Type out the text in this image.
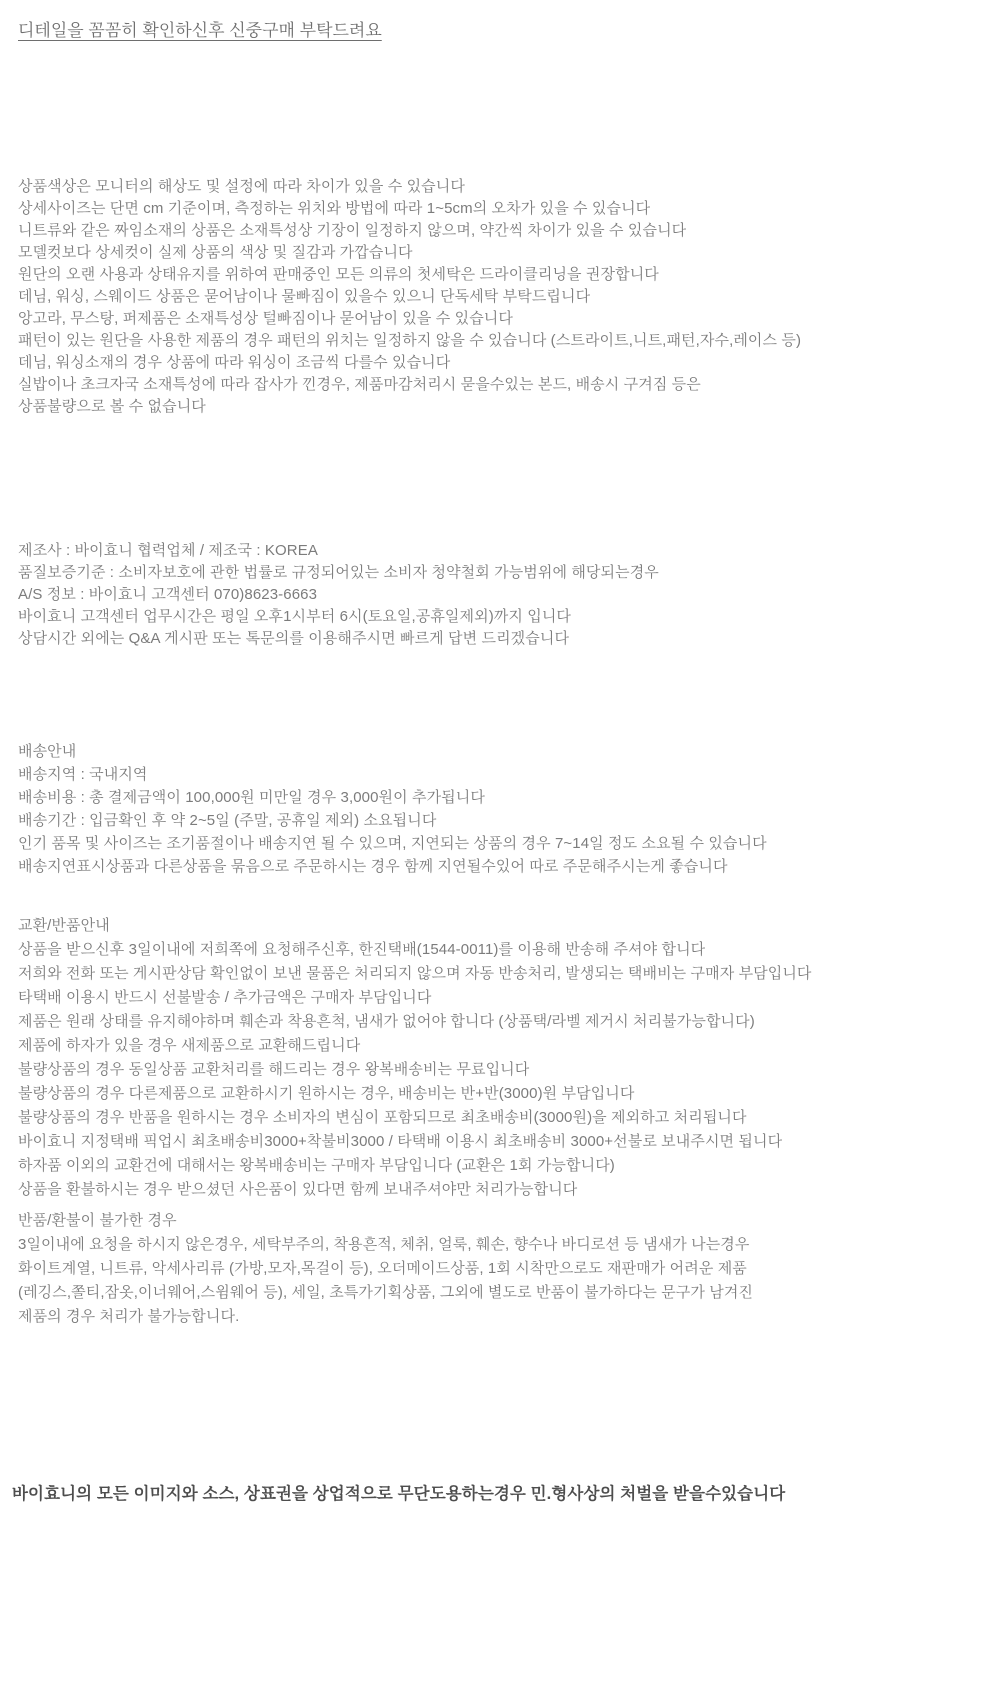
디테일을 꼼꼼히 확인하신후 신중구매 부탁드려요
상품색상은 모니터의 해상도 및 설정에 따라 차이가 있을 수 있습니다
상세사이즈는 단면 cm 기준이며, 측정하는 위치와 방법에 따라 1~5cm의 오차가 있을 수 있습니다
니트류와 같은 짜임소재의 상품은 소재특성상 기장이 일정하지 않으며, 약간씩 차이가 있을 수 있습니다
모델컷보다 상세컷이 실제 상품의 색상 및 질감과 가깝습니다
원단의 오랜 사용과 상태유지를 위하여 판매중인 모든 의류의 첫세탁은 드라이클리닝을 권장합니다
데님, 워싱, 스웨이드 상품은 묻어남이나 물빠짐이 있을수 있으니 단독세탁 부탁드립니다
앙고라, 무스탕, 퍼제품은 소재특성상 털빠짐이나 묻어남이 있을 수 있습니다
패턴이 있는 원단을 사용한 제품의 경우 패턴의 위치는 일정하지 않을 수 있습니다 (스트라이트,니트,패턴,자수,레이스 등)
데님, 워싱소재의 경우 상품에 따라 워싱이 조금씩 다를수 있습니다
실밥이나 초크자국 소재특성에 따라 잡사가 낀경우, 제품마감처리시 묻을수있는 본드, 배송시 구겨짐 등은
상품불량으로 볼 수 없습니다
제조사 : 바이효니 협력업체 / 제조국 : KOREA
품질보증기준 : 소비자보호에 관한 법률로 규정되어있는 소비자 청약철회 가능범위에 해당되는경우
A/S 정보 : 바이효니 고객센터 070)8623-6663
바이효니 고객센터 업무시간은 평일 오후1시부터 6시(토요일,공휴일제외)까지 입니다
상담시간 외에는 Q&A 게시판 또는 톡문의를 이용해주시면 빠르게 답변 드리겠습니다
배송안내
배송지역 : 국내지역
배송비용 : 총 결제금액이 100,000원 미만일 경우 3,000원이 추가됩니다
배송기간 : 입금확인 후 약 2~5일 (주말, 공휴일 제외) 소요됩니다
인기 품목 및 사이즈는 조기품절이나 배송지연 될 수 있으며, 지연되는 상품의 경우 7~14일 정도 소요될 수 있습니다
배송지연표시상품과 다른상품을 묶음으로 주문하시는 경우 함께 지연될수있어 따로 주문해주시는게 좋습니다
교환/반품안내
상품을 받으신후 3일이내에 저희쪽에 요청해주신후, 한진택배(1544-0011)를 이용해 반송해 주셔야 합니다
저희와 전화 또는 게시판상담 확인없이 보낸 물품은 처리되지 않으며 자동 반송처리, 발생되는 택배비는 구매자 부담입니다
타택배 이용시 반드시 선불발송 / 추가금액은 구매자 부담입니다
제품은 원래 상태를 유지해야하며 훼손과 착용흔척, 냄새가 없어야 합니다 (상품택/라벨 제거시 처리불가능합니다)
제품에 하자가 있을 경우 새제품으로 교환해드립니다
불량상품의 경우 동일상품 교환처리를 해드리는 경우 왕복배송비는 무료입니다
불량상품의 경우 다른제품으로 교환하시기 원하시는 경우, 배송비는 반+반(3000)원 부담입니다
불량상품의 경우 반품을 원하시는 경우 소비자의 변심이 포함되므로 최초배송비(3000원)을 제외하고 처리됩니다
바이효니 지정택배 픽업시 최초배송비3000+착불비3000 / 타택배 이용시 최초배송비 3000+선불로 보내주시면 됩니다
하자품 이외의 교환건에 대해서는 왕복배송비는 구매자 부담입니다 (교환은 1회 가능합니다)
상품을 환불하시는 경우 받으셨던 사은품이 있다면 함께 보내주셔야만 처리가능합니다
반품/환불이 불가한 경우
3일이내에 요청을 하시지 않은경우, 세탁부주의, 착용흔적, 체취, 얼룩, 훼손, 향수나 바디로션 등 냄새가 나는경우
화이트계열, 니트류, 악세사리류 (가방,모자,목걸이 등), 오더메이드상품, 1회 시착만으로도 재판매가 어려운 제품
(레깅스,쫄티,잠옷,이너웨어,스윔웨어 등), 세일, 초특가기획상품, 그외에 별도로 반품이 불가하다는 문구가 남겨진
제품의 경우 처리가 불가능합니다.
바이효니의 모든 이미지와 소스, 상표권을 상업적으로 무단도용하는경우 민.형사상의 처벌을 받을수있습니다
